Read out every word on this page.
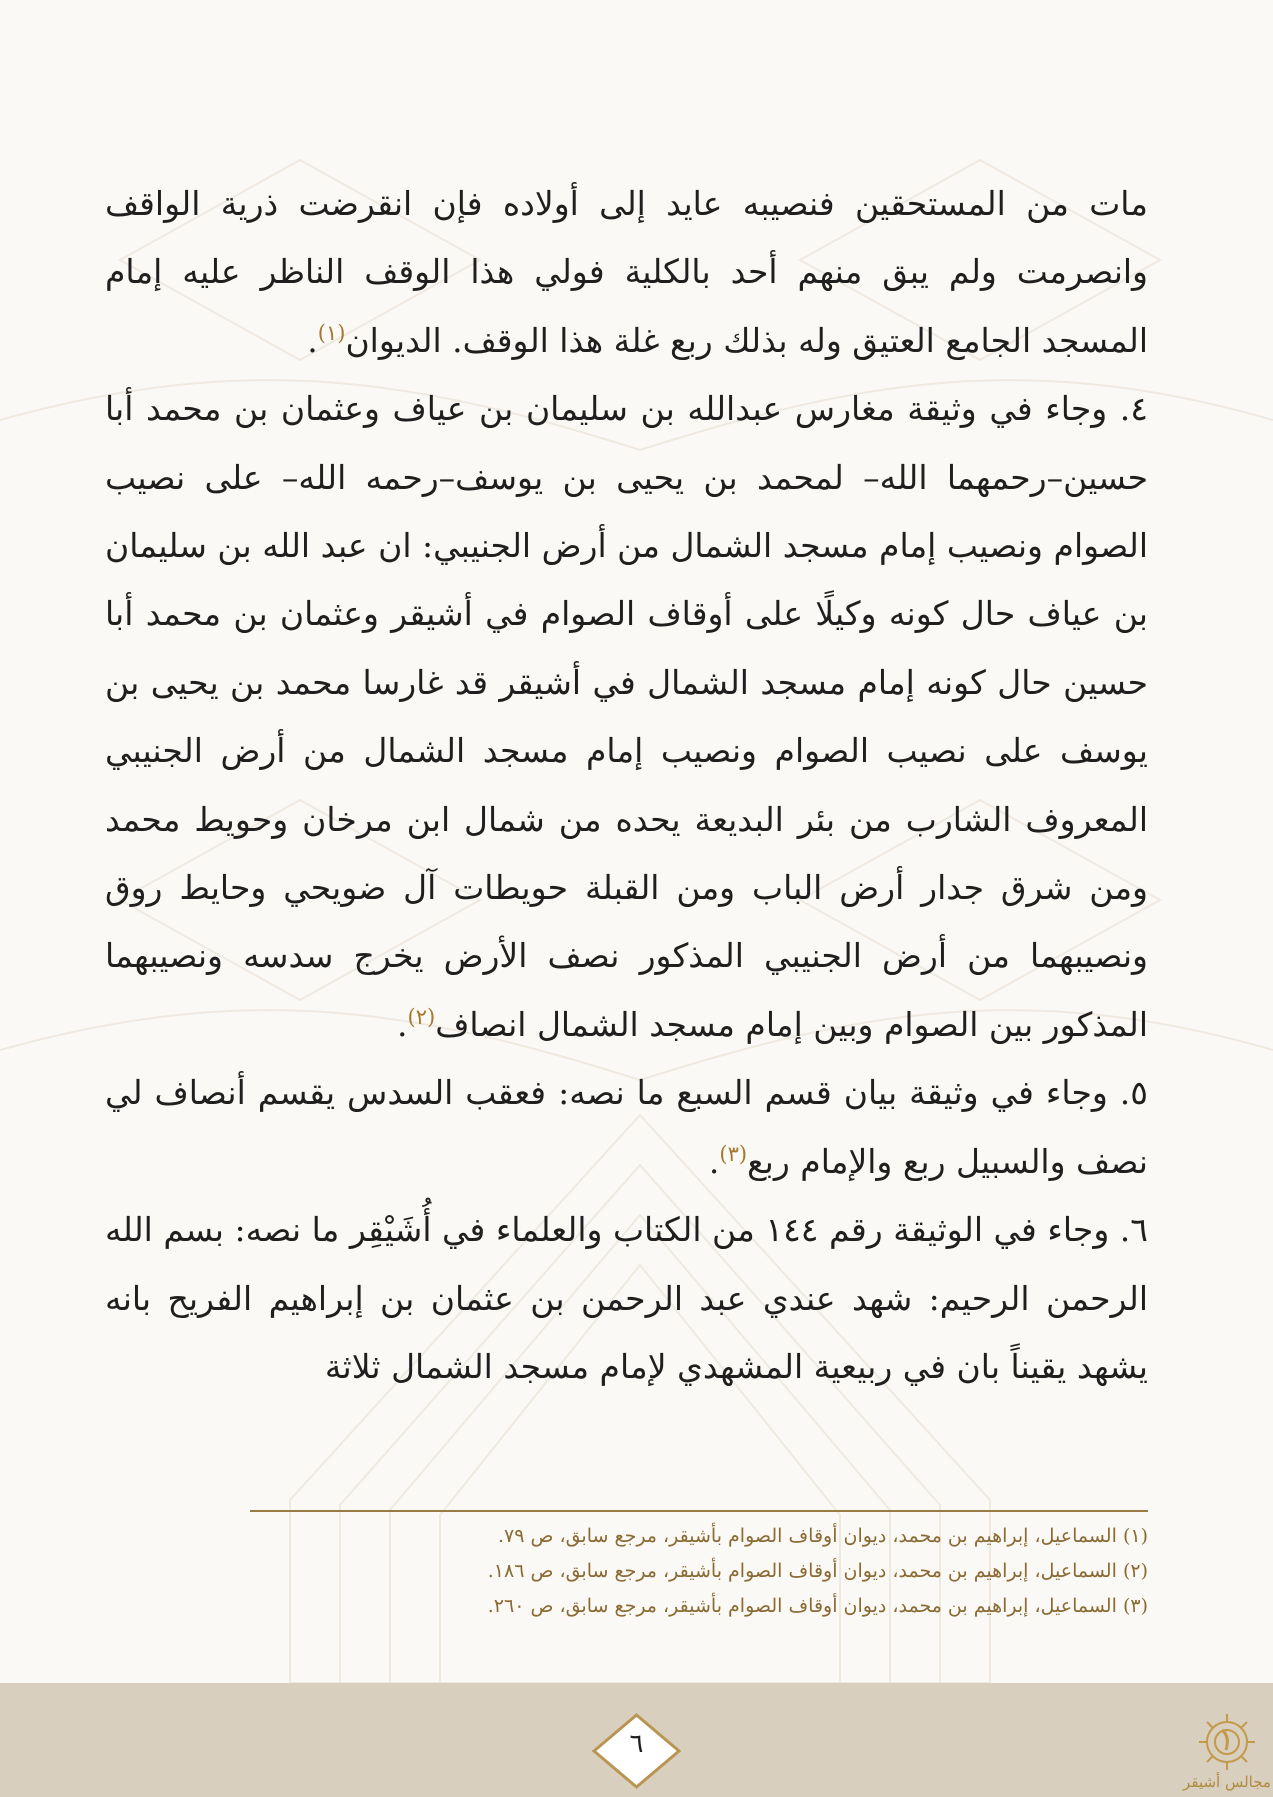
مات من المستحقين فنصيبه عايد إلى أولاده فإن انقرضت ذرية الواقف وانصرمت ولم يبق منهم أحد بالكلية فولي هذا الوقف الناظر عليه إمام المسجد الجامع العتيق وله بذلك ربع غلة هذا الوقف. الديوان$^{(١)}$.

٤. وجاء في وثيقة مغارس عبدالله بن سليمان بن عياف وعثمان بن محمد أبا حسين–رحمهما الله– لمحمد بن يحيى بن يوسف–رحمه الله– على نصيب الصوام ونصيب إمام مسجد الشمال من أرض الجنيبي: ان عبد الله بن سليمان بن عياف حال كونه وكيلًا على أوقاف الصوام في أشيقر وعثمان بن محمد أبا حسين حال كونه إمام مسجد الشمال في أشيقر قد غارسا محمد بن يحيى بن يوسف على نصيب الصوام ونصيب إمام مسجد الشمال من أرض الجنيبي المعروف الشارب من بئر البديعة يحده من شمال ابن مرخان وحويط محمد ومن شرق جدار أرض الباب ومن القبلة حويطات آل ضويحي وحايط روق ونصيبهما من أرض الجنيبي المذكور نصف الأرض يخرج سدسه ونصيبهما المذكور بين الصوام وبين إمام مسجد الشمال انصاف$^{(٢)}$.

٥. وجاء في وثيقة بيان قسم السبع ما نصه: فعقب السدس يقسم أنصاف لي نصف والسبيل ربع والإمام ربع$^{(٣)}$.

٦. وجاء في الوثيقة رقم ١٤٤ من الكتاب والعلماء في أُشَيْقِر ما نصه: بسم الله الرحمن الرحيم: شهد عندي عبد الرحمن بن عثمان بن إبراهيم الفريح بانه يشهد يقيناً بان في ربيعية المشهدي لإمام مسجد الشمال ثلاثة

(١) السماعيل، إبراهيم بن محمد، ديوان أوقاف الصوام بأشيقر، مرجع سابق، ص ٧٩.

(٢) السماعيل، إبراهيم بن محمد، ديوان أوقاف الصوام بأشيقر، مرجع سابق، ص ١٨٦.

(٣) السماعيل، إبراهيم بن محمد، ديوان أوقاف الصوام بأشيقر، مرجع سابق، ص ٢٦٠.

٦
مجالس أشيقر
